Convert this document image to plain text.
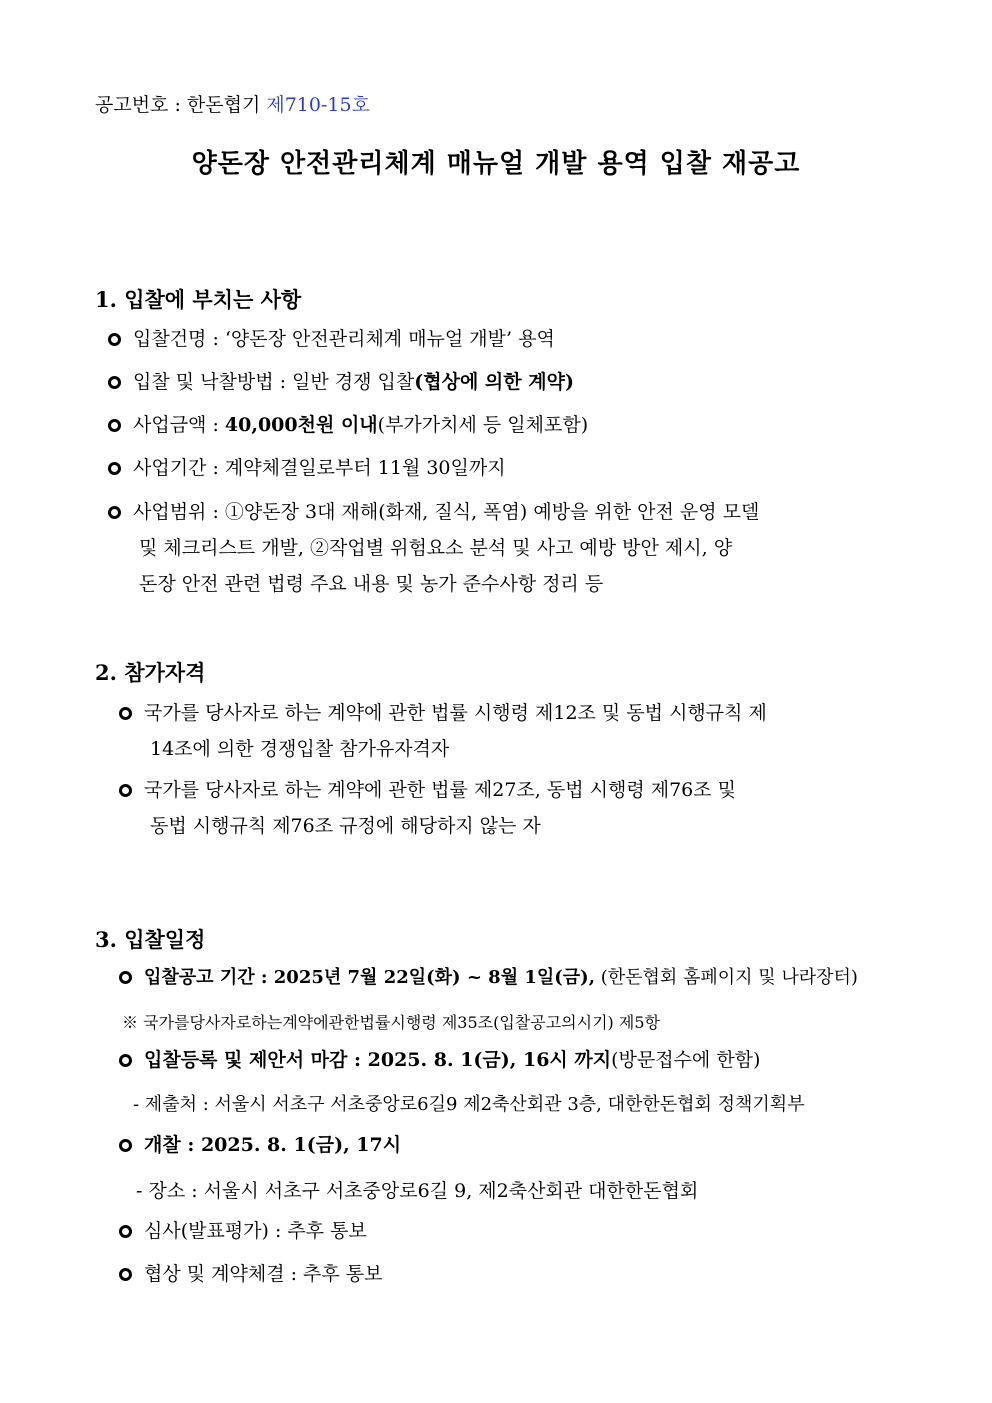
공고번호 : 한돈협기 제710-15호
양돈장 안전관리체계 매뉴얼 개발 용역 입찰 재공고
1. 입찰에 부치는 사항
입찰건명 : ‘양돈장 안전관리체계 매뉴얼 개발’ 용역
입찰 및 낙찰방법 : 일반 경쟁 입찰(협상에 의한 계약)
사업금액 : 40,000천원 이내(부가가치세 등 일체포함)
사업기간 : 계약체결일로부터 11월 30일까지
사업범위 : ①양돈장 3대 재해(화재, 질식, 폭염) 예방을 위한 안전 운영 모델
및 체크리스트 개발, ②작업별 위험요소 분석 및 사고 예방 방안 제시, 양
돈장 안전 관련 법령 주요 내용 및 농가 준수사항 정리 등
2. 참가자격
국가를 당사자로 하는 계약에 관한 법률 시행령 제12조 및 동법 시행규칙 제
14조에 의한 경쟁입찰 참가유자격자
국가를 당사자로 하는 계약에 관한 법률 제27조, 동법 시행령 제76조 및
동법 시행규칙 제76조 규정에 해당하지 않는 자
3. 입찰일정
입찰공고 기간 : 2025년 7월 22일(화) ~ 8월 1일(금), (한돈협회 홈페이지 및 나라장터)
※ 국가를당사자로하는계약에관한법률시행령 제35조(입찰공고의시기) 제5항
입찰등록 및 제안서 마감 : 2025. 8. 1(금), 16시 까지(방문접수에 한함)
- 제출처 : 서울시 서초구 서초중앙로6길9 제2축산회관 3층, 대한한돈협회 정책기획부
개찰 : 2025. 8. 1(금), 17시
- 장소 : 서울시 서초구 서초중앙로6길 9, 제2축산회관 대한한돈협회
심사(발표평가) : 추후 통보
협상 및 계약체결 : 추후 통보
